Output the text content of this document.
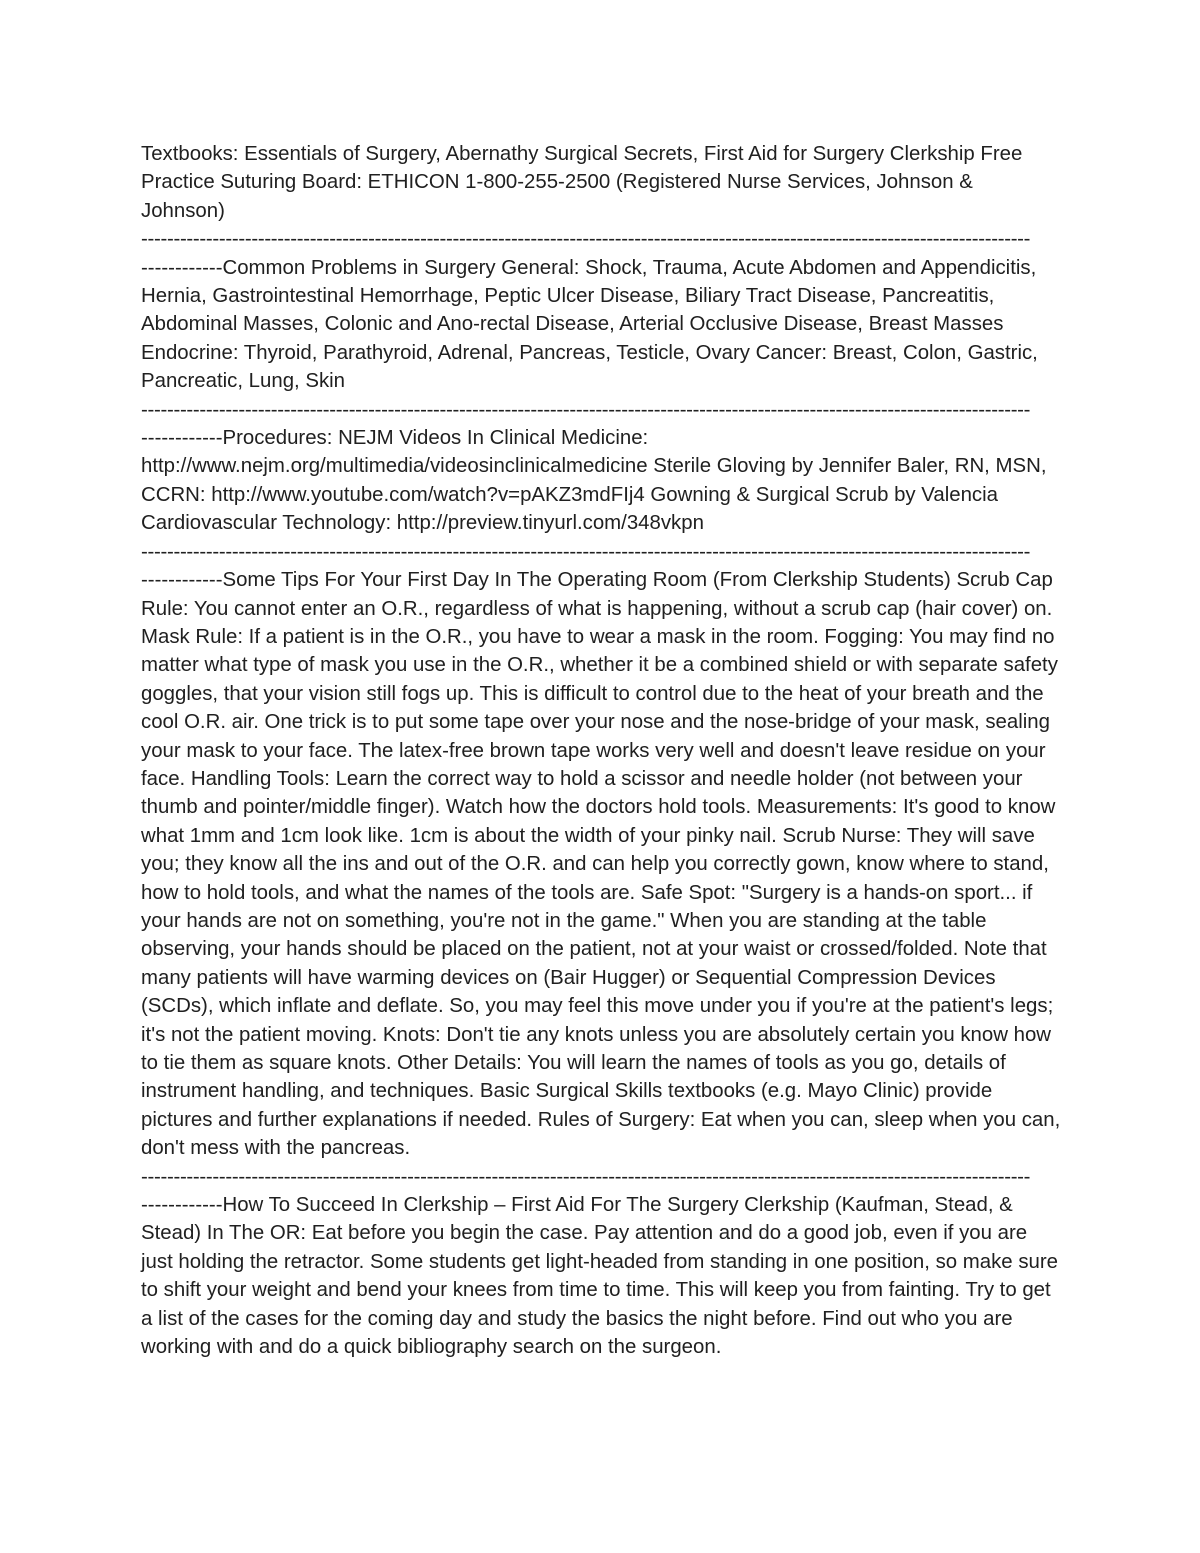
Textbooks: Essentials of Surgery, Abernathy Surgical Secrets, First Aid for Surgery Clerkship Free Practice Suturing Board: ETHICON 1-800-255-2500 (Registered Nurse Services, Johnson & Johnson)

-----------------------------------------------------------------------------------------------------------------------------------------

------------Common Problems in Surgery General: Shock, Trauma, Acute Abdomen and Appendicitis, Hernia, Gastrointestinal Hemorrhage, Peptic Ulcer Disease, Biliary Tract Disease, Pancreatitis, Abdominal Masses, Colonic and Ano-rectal Disease, Arterial Occlusive Disease, Breast Masses Endocrine: Thyroid, Parathyroid, Adrenal, Pancreas, Testicle, Ovary Cancer: Breast, Colon, Gastric, Pancreatic, Lung, Skin

-----------------------------------------------------------------------------------------------------------------------------------------

------------Procedures: NEJM Videos In Clinical Medicine: http://www.nejm.org/multimedia/videosinclinicalmedicine Sterile Gloving by Jennifer Baler, RN, MSN, CCRN: http://www.youtube.com/watch?v=pAKZ3mdFIj4 Gowning & Surgical Scrub by Valencia Cardiovascular Technology: http://preview.tinyurl.com/348vkpn

-----------------------------------------------------------------------------------------------------------------------------------------

------------Some Tips For Your First Day In The Operating Room (From Clerkship Students) Scrub Cap Rule: You cannot enter an O.R., regardless of what is happening, without a scrub cap (hair cover) on. Mask Rule: If a patient is in the O.R., you have to wear a mask in the room. Fogging: You may find no matter what type of mask you use in the O.R., whether it be a combined shield or with separate safety goggles, that your vision still fogs up. This is difficult to control due to the heat of your breath and the cool O.R. air. One trick is to put some tape over your nose and the nose-bridge of your mask, sealing your mask to your face. The latex-free brown tape works very well and doesn't leave residue on your face. Handling Tools: Learn the correct way to hold a scissor and needle holder (not between your thumb and pointer/middle finger). Watch how the doctors hold tools. Measurements: It's good to know what 1mm and 1cm look like. 1cm is about the width of your pinky nail. Scrub Nurse: They will save you; they know all the ins and out of the O.R. and can help you correctly gown, know where to stand, how to hold tools, and what the names of the tools are. Safe Spot: "Surgery is a hands-on sport... if your hands are not on something, you're not in the game." When you are standing at the table observing, your hands should be placed on the patient, not at your waist or crossed/folded. Note that many patients will have warming devices on (Bair Hugger) or Sequential Compression Devices (SCDs), which inflate and deflate. So, you may feel this move under you if you're at the patient's legs; it's not the patient moving. Knots: Don't tie any knots unless you are absolutely certain you know how to tie them as square knots. Other Details: You will learn the names of tools as you go, details of instrument handling, and techniques. Basic Surgical Skills textbooks (e.g. Mayo Clinic) provide pictures and further explanations if needed. Rules of Surgery: Eat when you can, sleep when you can, don't mess with the pancreas.

-----------------------------------------------------------------------------------------------------------------------------------------

------------How To Succeed In Clerkship – First Aid For The Surgery Clerkship (Kaufman, Stead, & Stead) In The OR: Eat before you begin the case. Pay attention and do a good job, even if you are just holding the retractor. Some students get light-headed from standing in one position, so make sure to shift your weight and bend your knees from time to time. This will keep you from fainting. Try to get a list of the cases for the coming day and study the basics the night before. Find out who you are working with and do a quick bibliography search on the surgeon.
